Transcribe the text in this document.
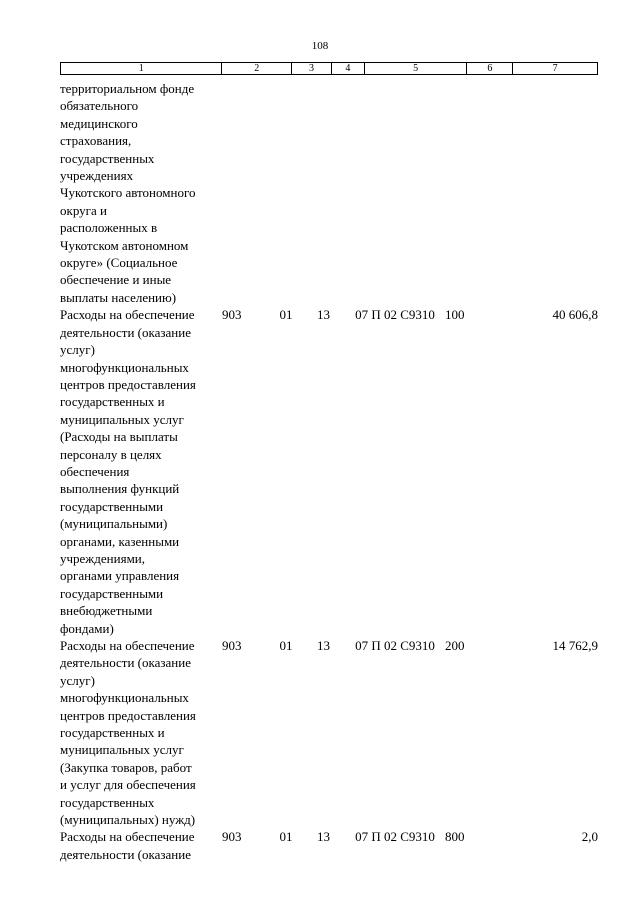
108
1	2	3	4	5	6	7
территориальном фонде
обязательного
медицинского
страхования,
государственных
учреждениях
Чукотского автономного
округа и
расположенных в
Чукотском автономном
округе» (Социальное
обеспечение и иные
выплаты населению)
Расходы на обеспечение
деятельности (оказание
услуг)
многофункциональных
центров предоставления
государственных и
муниципальных услуг
(Расходы на выплаты
персоналу в целях
обеспечения
выполнения функций
государственными
(муниципальными)
органами, казенными
учреждениями,
органами управления
государственными
внебюджетными
фондами)
903	01	13	07 П 02 С9310 100	40 606,8
Расходы на обеспечение
деятельности (оказание
услуг)
многофункциональных
центров предоставления
государственных и
муниципальных услуг
(Закупка товаров, работ
и услуг для обеспечения
государственных
(муниципальных) нужд)
903	01	13	07 П 02 С9310 200	14 762,9
Расходы на обеспечение
деятельности (оказание
903	01	13	07 П 02 С9310 800	2,0
